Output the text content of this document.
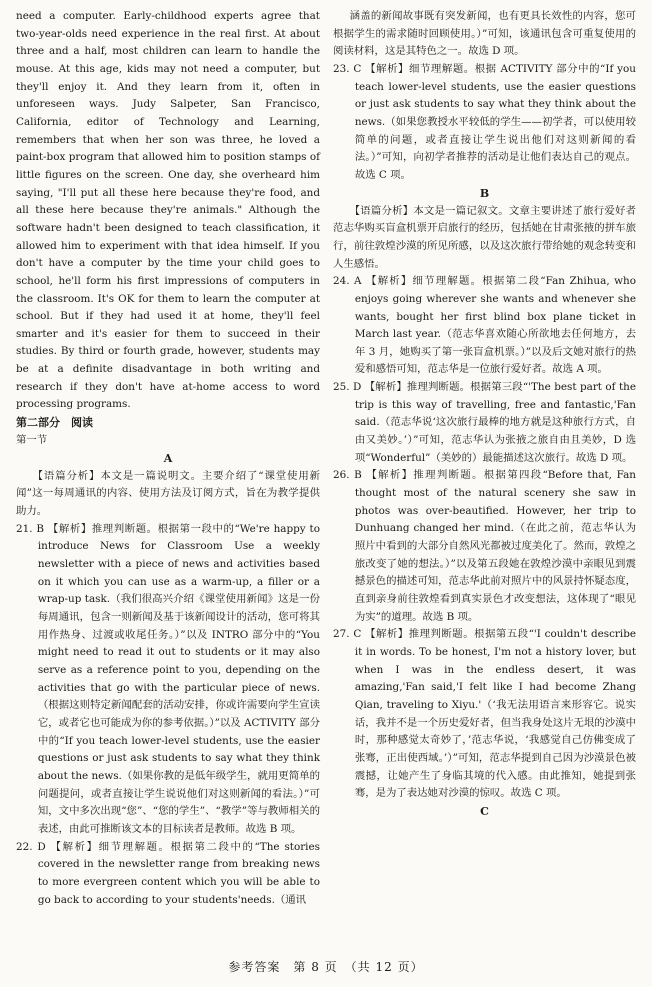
need a computer. Early-childhood experts agree that two-year-olds need experience in the real first. At about three and a half, most children can learn to handle the mouse. At this age, kids may not need a computer, but they'll enjoy it. And they learn from it, often in unforeseen ways. Judy Salpeter, San Francisco, California, editor of Technology and Learning, remembers that when her son was three, he loved a paint-box program that allowed him to position stamps of little figures on the screen. One day, she overheard him saying, "I'll put all these here because they're food, and all these here because they're animals." Although the software hadn't been designed to teach classification, it allowed him to experiment with that idea himself. If you don't have a computer by the time your child goes to school, he'll form his first impressions of computers in the classroom. It's OK for them to learn the computer at school. But if they had used it at home, they'll feel smarter and it's easier for them to succeed in their studies. By third or fourth grade, however, students may be at a definite disadvantage in both writing and research if they don't have at-home access to word processing programs.

第二部分　阅读

第一节

A

【语篇分析】本文是一篇说明文。主要介绍了“课堂使用新闻”这一每周通讯的内容、使用方法及订阅方式，旨在为教学提供助力。

21. B 【解析】推理判断题。根据第一段中的“We're happy to introduce News for Classroom Use a weekly newsletter with a piece of news and activities based on it which you can use as a warm-up, a filler or a wrap-up task.（我们很高兴介绍《课堂使用新闻》这是一份每周通讯，包含一则新闻及基于该新闻设计的活动，您可将其用作热身、过渡或收尾任务。）”以及 INTRO 部分中的“You might need to read it out to students or it may also serve as a reference point to you, depending on the activities that go with the particular piece of news.（根据这则特定新闻配套的活动安排，你或许需要向学生宣读它，或者它也可能成为你的参考依据。）”以及 ACTIVITY 部分中的“If you teach lower-level students, use the easier questions or just ask students to say what they think about the news.（如果你教的是低年级学生，就用更简单的问题提问，或者直接让学生说说他们对这则新闻的看法。）”可知，文中多次出现“您”、“您的学生”、“教学”等与教师相关的表述，由此可推断该文本的目标读者是教师。故选 B 项。

22. D 【解析】细节理解题。根据第二段中的“The stories covered in the newsletter range from breaking news to more evergreen content which you will be able to go back to according to your students'needs.（通讯

涵盖的新闻故事既有突发新闻，也有更具长效性的内容，您可根据学生的需求随时回顾使用。）”可知，该通讯包含可重复使用的阅读材料，这是其特色之一。故选 D 项。

23. C 【解析】细节理解题。根据 ACTIVITY 部分中的“If you teach lower-level students, use the easier questions or just ask students to say what they think about the news.（如果您教授水平较低的学生——初学者，可以使用较简单的问题，或者直接让学生说出他们对这则新闻的看法。）”可知，向初学者推荐的活动是让他们表达自己的观点。故选 C 项。

B

【语篇分析】本文是一篇记叙文。文章主要讲述了旅行爱好者范志华购买盲盒机票开启旅行的经历，包括她在甘肃张掖的拼车旅行，前往敦煌沙漠的所见所感，以及这次旅行带给她的观念转变和人生感悟。

24. A 【解析】细节理解题。根据第二段“Fan Zhihua, who enjoys going wherever she wants and whenever she wants, bought her first blind box plane ticket in March last year.（范志华喜欢随心所欲地去任何地方，去年 3 月，她购买了第一张盲盒机票。）”以及后文她对旅行的热爱和感悟可知，范志华是一位旅行爱好者。故选 A 项。

25. D 【解析】推理判断题。根据第三段“'The best part of the trip is this way of travelling, free and fantastic,'Fan said.（范志华说‘这次旅行最棒的地方就是这种旅行方式，自由又美妙。’）”可知，范志华认为张掖之旅自由且美妙，D 选项“Wonderful”（美妙的）最能描述这次旅行。故选 D 项。

26. B 【解析】推理判断题。根据第四段“Before that, Fan thought most of the natural scenery she saw in photos was over-beautified. However, her trip to Dunhuang changed her mind.（在此之前，范志华认为照片中看到的大部分自然风光都被过度美化了。然而，敦煌之旅改变了她的想法。）”以及第五段她在敦煌沙漠中亲眼见到震撼景色的描述可知，范志华此前对照片中的风景持怀疑态度，直到亲身前往敦煌看到真实景色才改变想法，这体现了“眼见为实”的道理。故选 B 项。

27. C 【解析】推理判断题。根据第五段“'I couldn't describe it in words. To be honest, I'm not a history lover, but when I was in the endless desert, it was amazing,'Fan said,'I felt like I had become Zhang Qian, traveling to Xiyu.'（‘我无法用语言来形容它。说实话，我并不是一个历史爱好者，但当我身处这片无垠的沙漠中时，那种感觉太奇妙了，’范志华说，‘我感觉自己仿佛变成了张骞，正出使西域。’）”可知，范志华提到自己因为沙漠景色被震撼，让她产生了身临其境的代入感。由此推知，她提到张骞，是为了表达她对沙漠的惊叹。故选 C 项。

C

参考答案　第 8 页　（共 12 页）
